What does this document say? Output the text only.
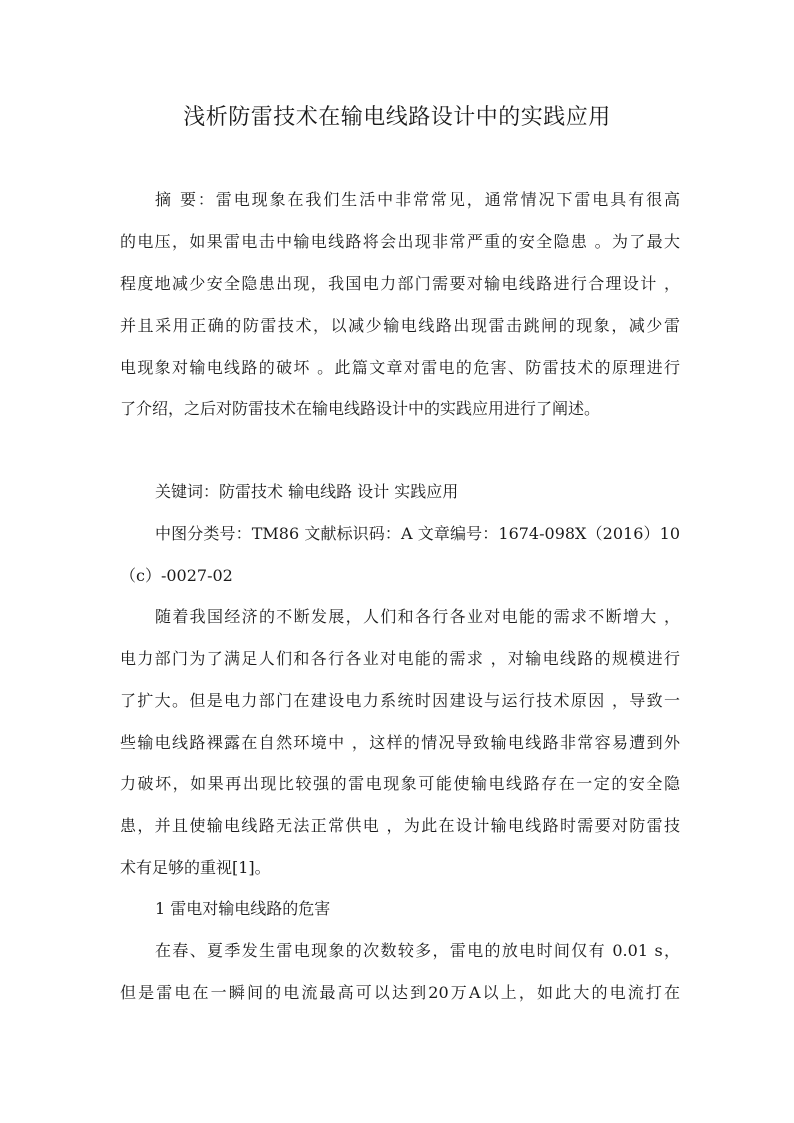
浅析防雷技术在输电线路设计中的实践应用
摘 要：雷电现象在我们生活中非常常见，通常情况下雷电具有很高
的电压，如果雷电击中输电线路将会出现非常严重的安全隐患 。为了最大
程度地减少安全隐患出现，我国电力部门需要对输电线路进行合理设计 ，
并且采用正确的防雷技术，以减少输电线路出现雷击跳闸的现象，减少雷
电现象对输电线路的破坏 。此篇文章对雷电的危害、防雷技术的原理进行
了介绍，之后对防雷技术在输电线路设计中的实践应用进行了阐述。
关键词：防雷技术 输电线路 设计 实践应用
中图分类号：TM86 文献标识码：A 文章编号：1674-098X（2016）10
（c）-0027-02
随着我国经济的不断发展，人们和各行各业对电能的需求不断增大 ，
电力部门为了满足人们和各行各业对电能的需求 ，对输电线路的规模进行
了扩大。但是电力部门在建设电力系统时因建设与运行技术原因 ，导致一
些输电线路裸露在自然环境中 ，这样的情况导致输电线路非常容易遭到外
力破坏，如果再出现比较强的雷电现象可能使输电线路存在一定的安全隐
患，并且使输电线路无法正常供电 ，为此在设计输电线路时需要对防雷技
术有足够的重视[1]。
1 雷电对输电线路的危害
在春、夏季发生雷电现象的次数较多，雷电的放电时间仅有 0.01 s，
但是雷电在一瞬间的电流最高可以达到20万A以上，如此大的电流打在
